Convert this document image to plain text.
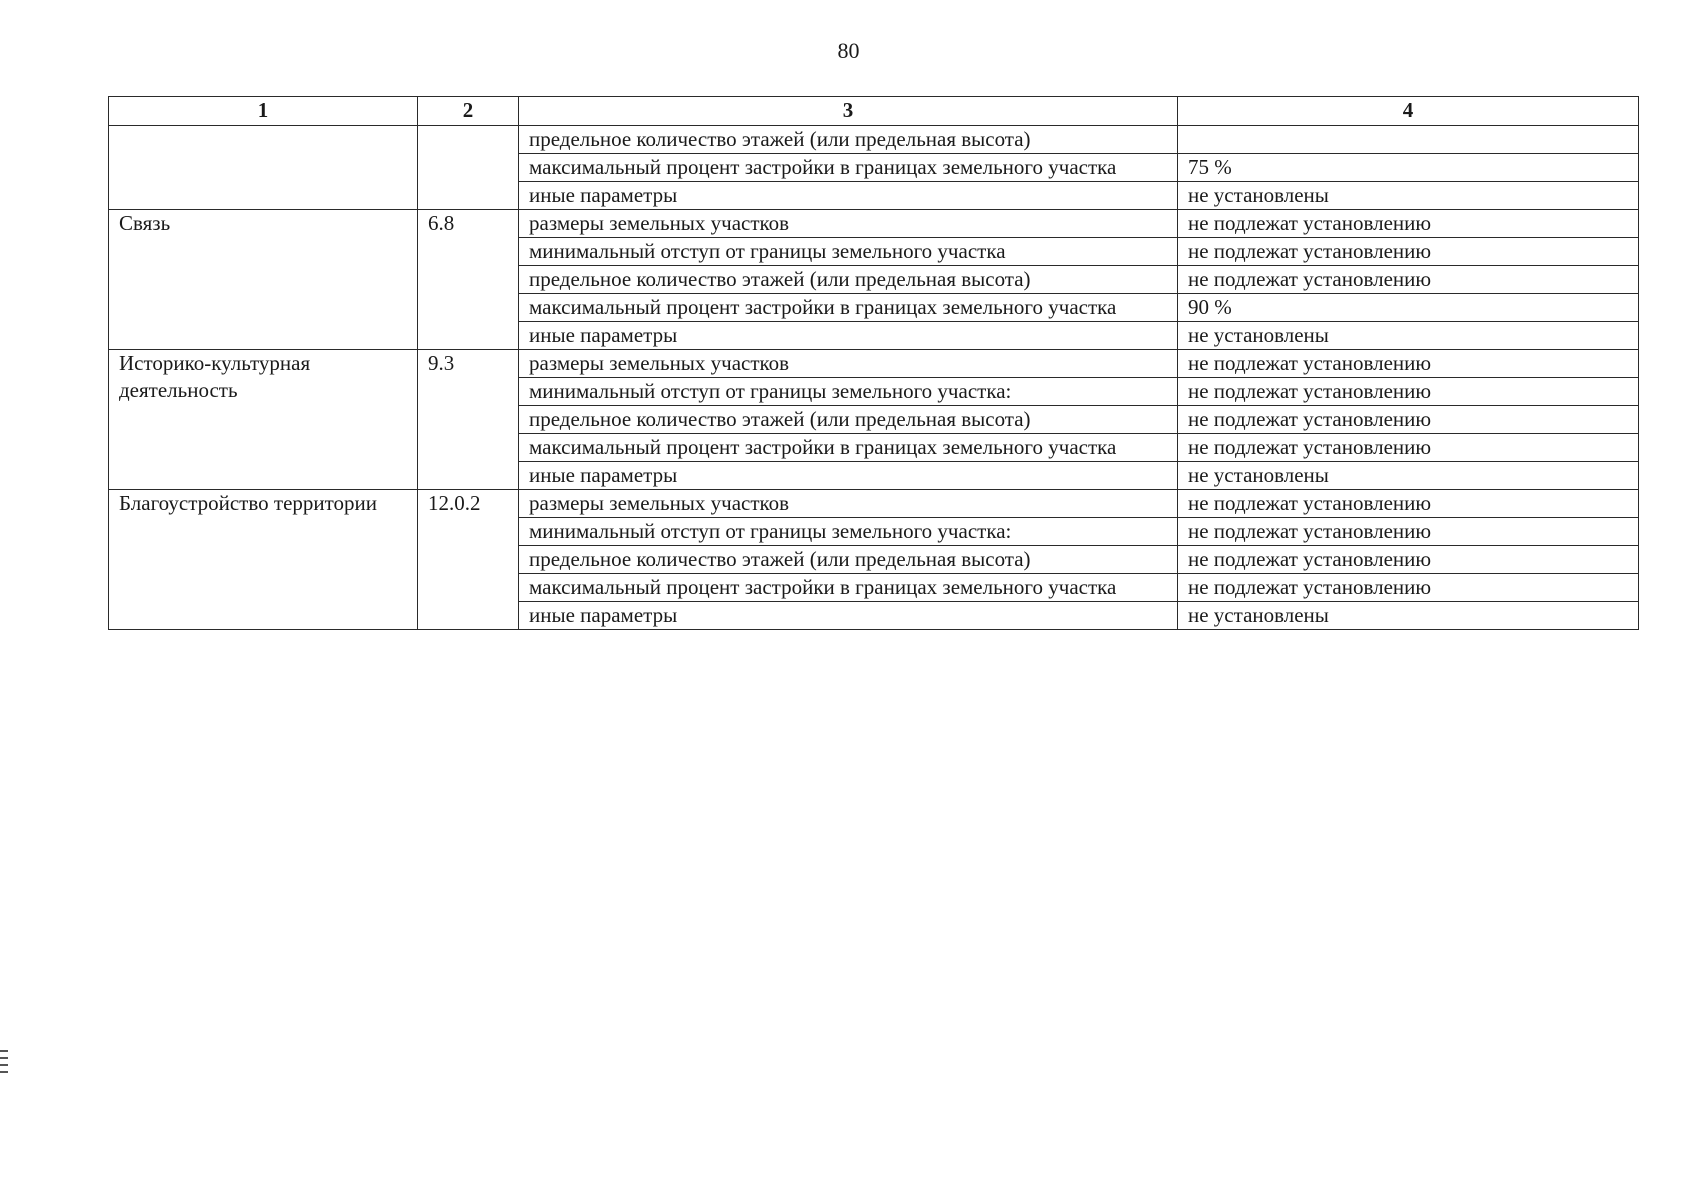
80
1	2	3	4
		предельное количество этажей (или предельная высота)	
		максимальный процент застройки в границах земельного участка	75 %
		иные параметры	не установлены
Связь	6.8	размеры земельных участков	не подлежат установлению
		минимальный отступ от границы земельного участка	не подлежат установлению
		предельное количество этажей (или предельная высота)	не подлежат установлению
		максимальный процент застройки в границах земельного участка	90 %
		иные параметры	не установлены
Историко-культурная деятельность	9.3	размеры земельных участков	не подлежат установлению
		минимальный отступ от границы земельного участка:	не подлежат установлению
		предельное количество этажей (или предельная высота)	не подлежат установлению
		максимальный процент застройки в границах земельного участка	не подлежат установлению
		иные параметры	не установлены
Благоустройство территории	12.0.2	размеры земельных участков	не подлежат установлению
		минимальный отступ от границы земельного участка:	не подлежат установлению
		предельное количество этажей (или предельная высота)	не подлежат установлению
		максимальный процент застройки в границах земельного участка	не подлежат установлению
		иные параметры	не установлены
